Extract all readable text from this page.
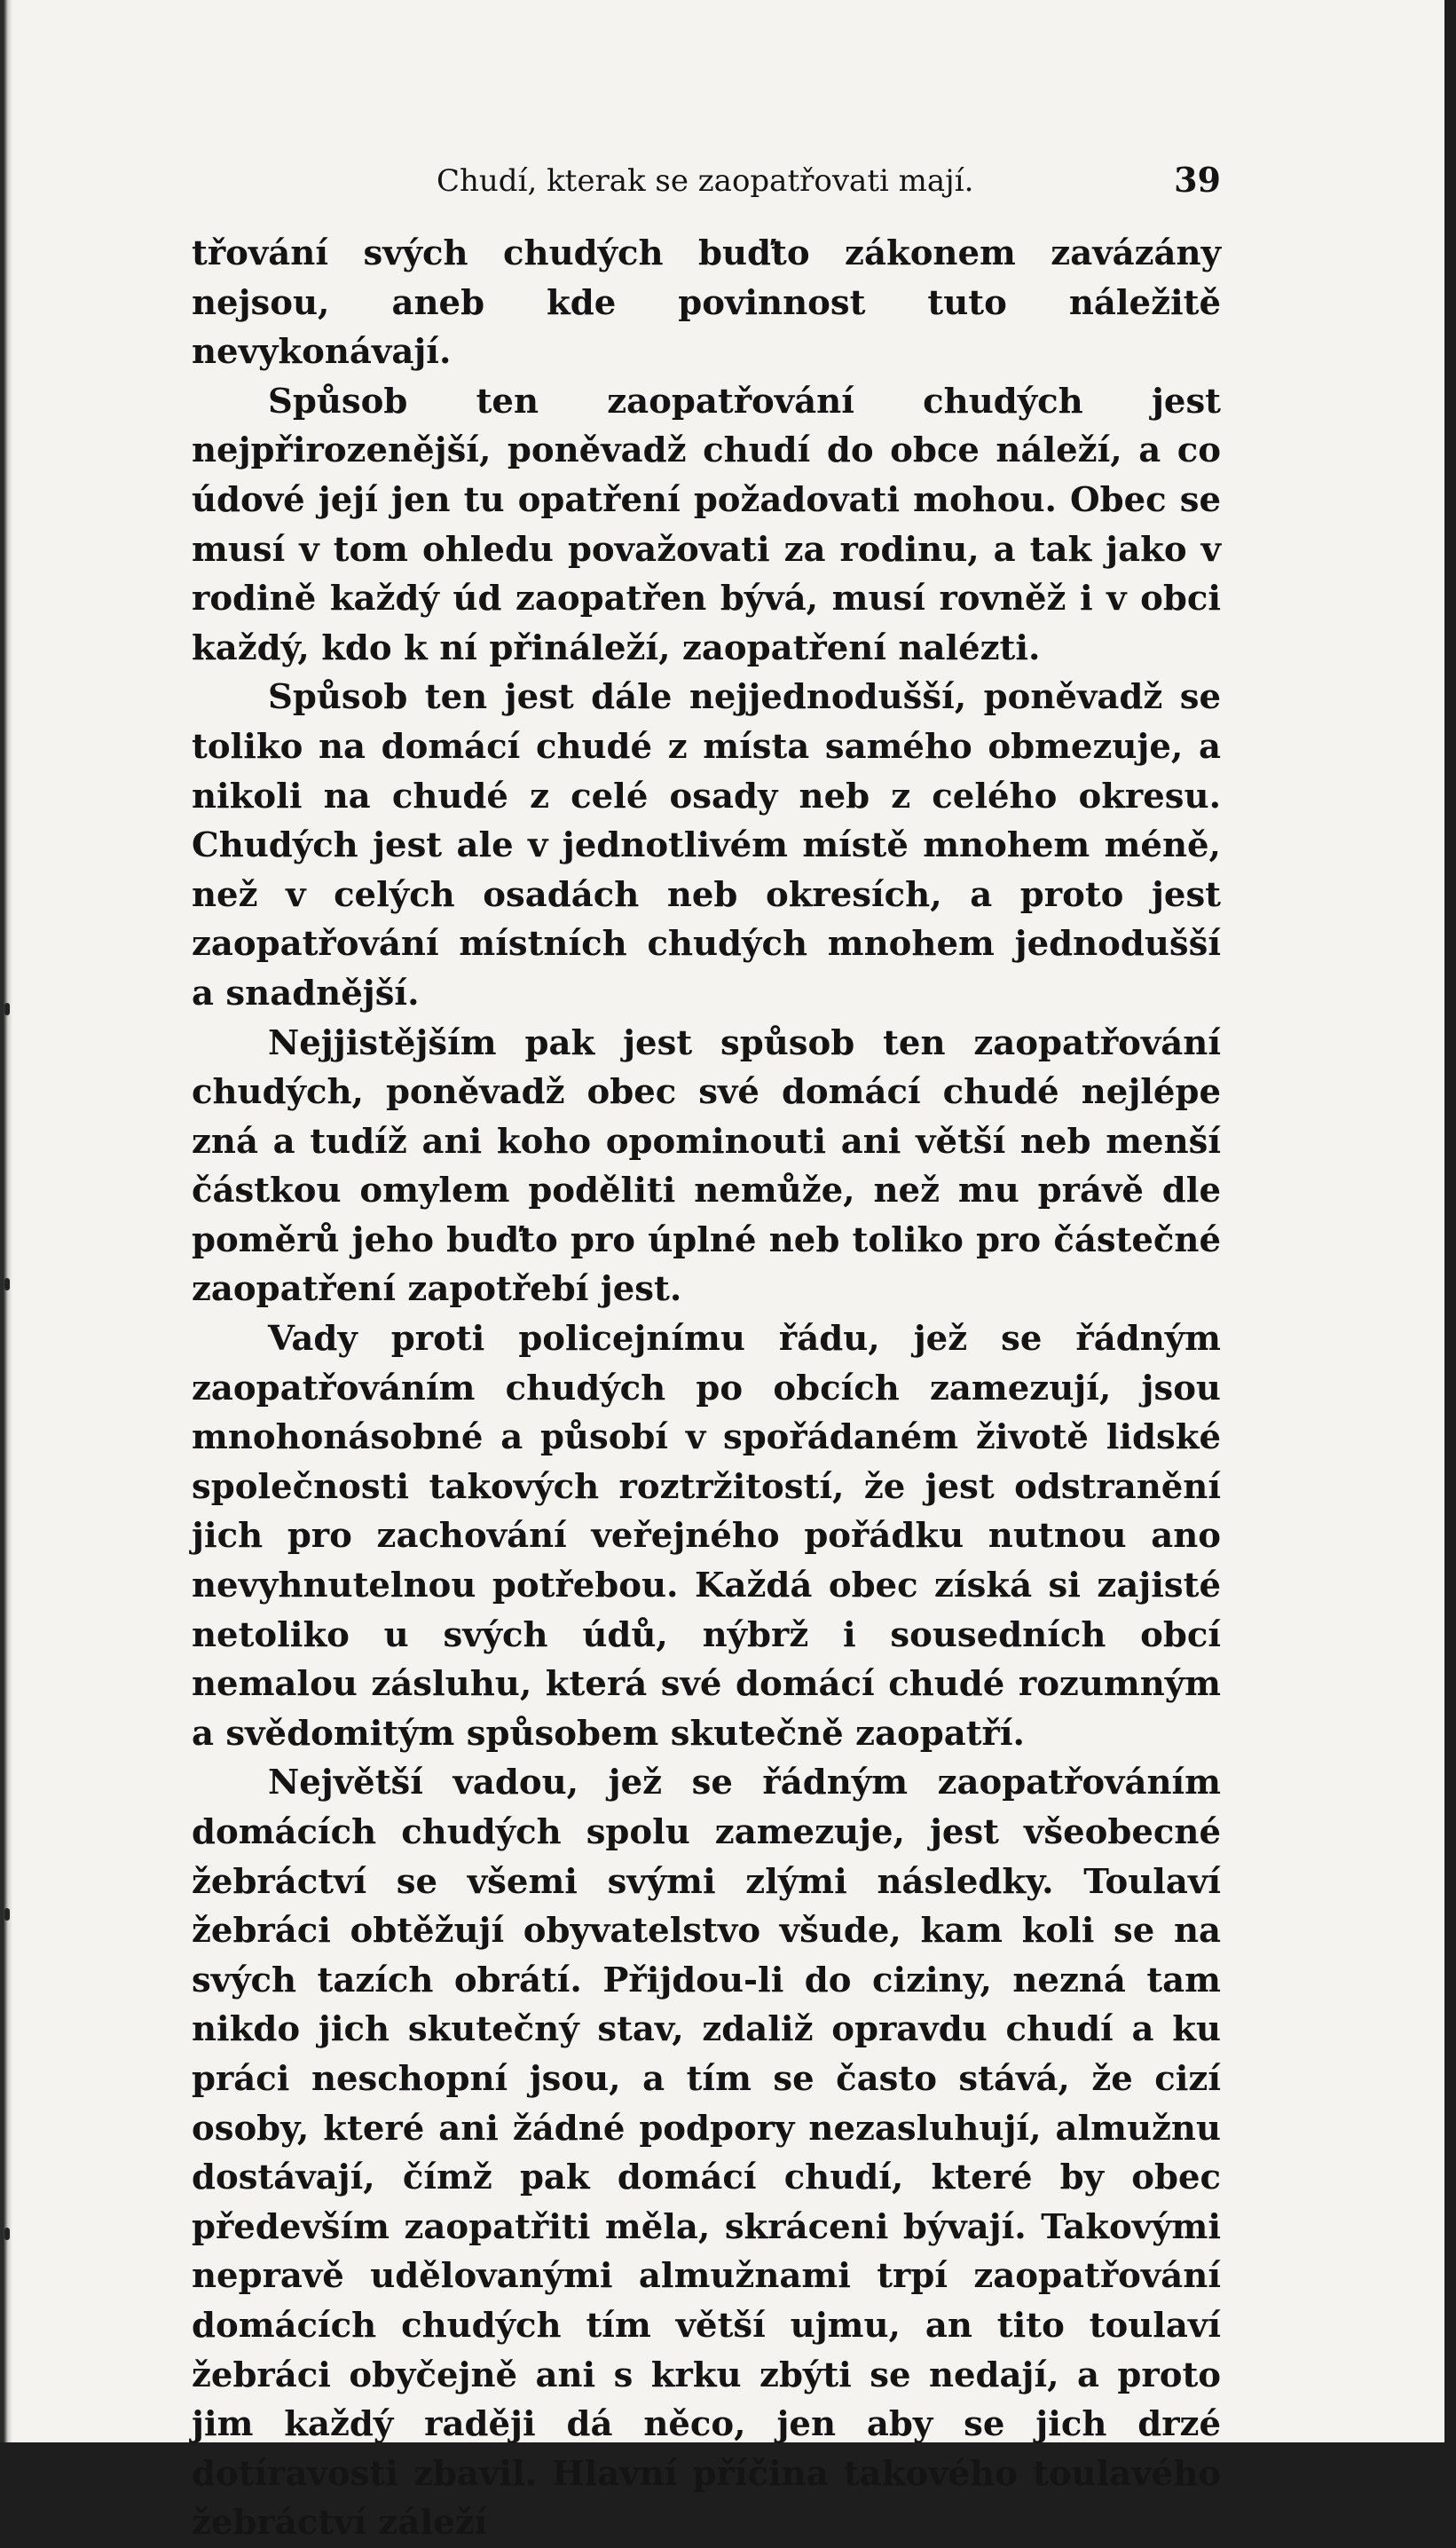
Chudí, kterak se zaopatřovati mají.	39

třování svých chudých buďto zákonem zavázány nejsou, aneb kde povinnost tuto náležitě nevykonávají.

Spůsob ten zaopatřování chudých jest nejpřirozenější, poněvadž chudí do obce náleží, a co údové její jen tu opatření požadovati mohou. Obec se musí v tom ohledu považovati za rodinu, a tak jako v rodině každý úd zaopatřen bývá, musí rovněž i v obci každý, kdo k ní přináleží, zaopatření nalézti.

Spůsob ten jest dále nejjednodušší, poněvadž se toliko na domácí chudé z místa samého obmezuje, a nikoli na chudé z celé osady neb z celého okresu. Chudých jest ale v jednotlivém místě mnohem méně, než v celých osadách neb okresích, a proto jest zaopatřování místních chudých mnohem jednodušší a snadnější.

Nejjistějším pak jest spůsob ten zaopatřování chudých, poněvadž obec své domácí chudé nejlépe zná a tudíž ani koho opominouti ani větší neb menší částkou omylem poděliti nemůže, než mu právě dle poměrů jeho buďto pro úplné neb toliko pro částečné zaopatření zapotřebí jest.

Vady proti policejnímu řádu, jež se řádným zaopatřováním chudých po obcích zamezují, jsou mnohonásobné a působí v spořádaném životě lidské společnosti takových roztržitostí, že jest odstranění jich pro zachování veřejného pořádku nutnou ano nevyhnutelnou potřebou. Každá obec získá si zajisté netoliko u svých údů, nýbrž i sousedních obcí nemalou zásluhu, která své domácí chudé rozumným a svědomitým spůsobem skutečně zaopatří.

Největší vadou, jež se řádným zaopatřováním domácích chudých spolu zamezuje, jest všeobecné žebráctví se všemi svými zlými následky. Toulaví žebráci obtěžují obyvatelstvo všude, kam koli se na svých tazích obrátí. Přijdou-li do ciziny, nezná tam nikdo jich skutečný stav, zdaliž opravdu chudí a ku práci neschopní jsou, a tím se často stává, že cizí osoby, které ani žádné podpory nezasluhují, almužnu dostávají, čímž pak domácí chudí, které by obec především zaopatřiti měla, skráceni bývají. Takovými nepravě udělovanými almužnami trpí zaopatřování domácích chudých tím větší ujmu, an tito toulaví žebráci obyčejně ani s krku zbýti se nedají, a proto jim každý raději dá něco, jen aby se jich drzé dotíravosti zbavil. Hlavní příčina takového toulavého žebráctví záleží
